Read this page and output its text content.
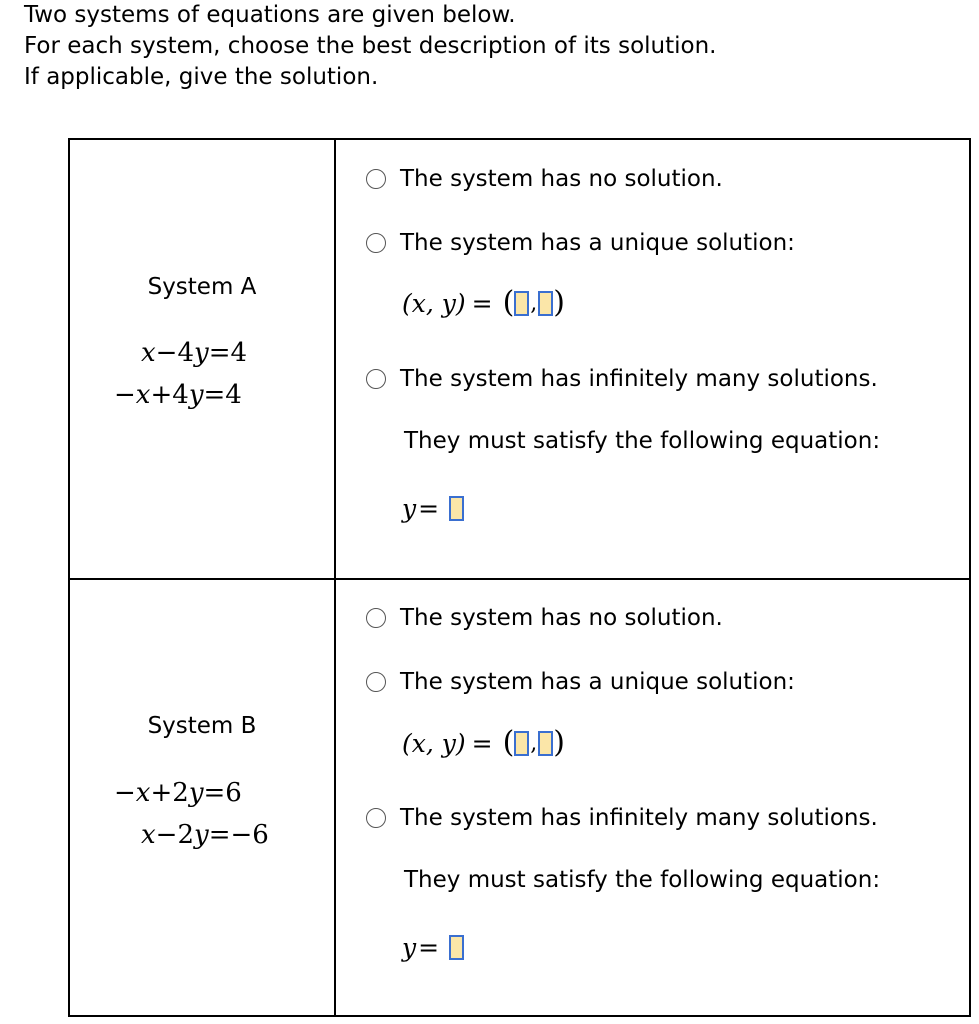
Two systems of equations are given below.
For each system, choose the best description of its solution.
If applicable, give the solution.
System A
x−4y=4
−x+4y=4
The system has no solution.
The system has a unique solution:
(x, y) = ( , )
The system has infinitely many solutions.
They must satisfy the following equation:
y =
System B
−x+2y=6
x−2y=−6
The system has no solution.
The system has a unique solution:
(x, y) = ( , )
The system has infinitely many solutions.
They must satisfy the following equation:
y =
